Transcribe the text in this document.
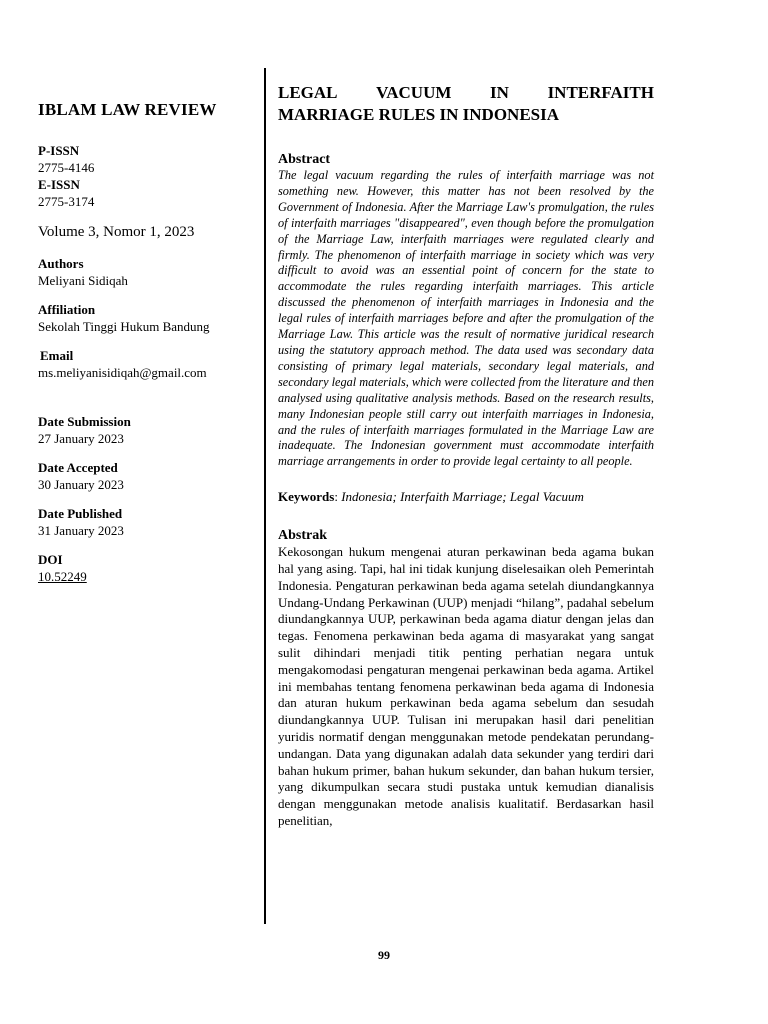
IBLAM LAW REVIEW
P-ISSN
2775-4146
E-ISSN
2775-3174
Volume 3, Nomor 1, 2023
Authors
Meliyani Sidiqah
Affiliation
Sekolah Tinggi Hukum Bandung
Email
ms.meliyanisidiqah@gmail.com
Date Submission
27 January 2023
Date Accepted
30 January 2023
Date Published
31 January 2023
DOI
10.52249
LEGAL VACUUM IN INTERFAITH
MARRIAGE RULES IN INDONESIA
Abstract

The legal vacuum regarding the rules of interfaith marriage was not something new. However, this matter has not been resolved by the Government of Indonesia. After the Marriage Law's promulgation, the rules of interfaith marriages "disappeared", even though before the promulgation of the Marriage Law, interfaith marriages were regulated clearly and firmly. The phenomenon of interfaith marriage in society which was very difficult to avoid was an essential point of concern for the state to accommodate the rules regarding interfaith marriages. This article discussed the phenomenon of interfaith marriages in Indonesia and the legal rules of interfaith marriages before and after the promulgation of the Marriage Law. This article was the result of normative juridical research using the statutory approach method. The data used was secondary data consisting of primary legal materials, secondary legal materials, and secondary legal materials, which were collected from the literature and then analysed using qualitative analysis methods. Based on the research results, many Indonesian people still carry out interfaith marriages in Indonesia, and the rules of interfaith marriages formulated in the Marriage Law are inadequate. The Indonesian government must accommodate interfaith marriage arrangements in order to provide legal certainty to all people.

Keywords: Indonesia; Interfaith Marriage; Legal Vacuum
Abstrak

Kekosongan hukum mengenai aturan perkawinan beda agama bukan hal yang asing. Tapi, hal ini tidak kunjung diselesaikan oleh Pemerintah Indonesia. Pengaturan perkawinan beda agama setelah diundangkannya Undang-Undang Perkawinan (UUP) menjadi “hilang”, padahal sebelum diundangkannya UUP, perkawinan beda agama diatur dengan jelas dan tegas. Fenomena perkawinan beda agama di masyarakat yang sangat sulit dihindari menjadi titik penting perhatian negara untuk mengakomodasi pengaturan mengenai perkawinan beda agama. Artikel ini membahas tentang fenomena perkawinan beda agama di Indonesia dan aturan hukum perkawinan beda agama sebelum dan sesudah diundangkannya UUP. Tulisan ini merupakan hasil dari penelitian yuridis normatif dengan menggunakan metode pendekatan perundang-undangan. Data yang digunakan adalah data sekunder yang terdiri dari bahan hukum primer, bahan hukum sekunder, dan bahan hukum tersier, yang dikumpulkan secara studi pustaka untuk kemudian dianalisis dengan menggunakan metode analisis kualitatif. Berdasarkan hasil penelitian,

99
